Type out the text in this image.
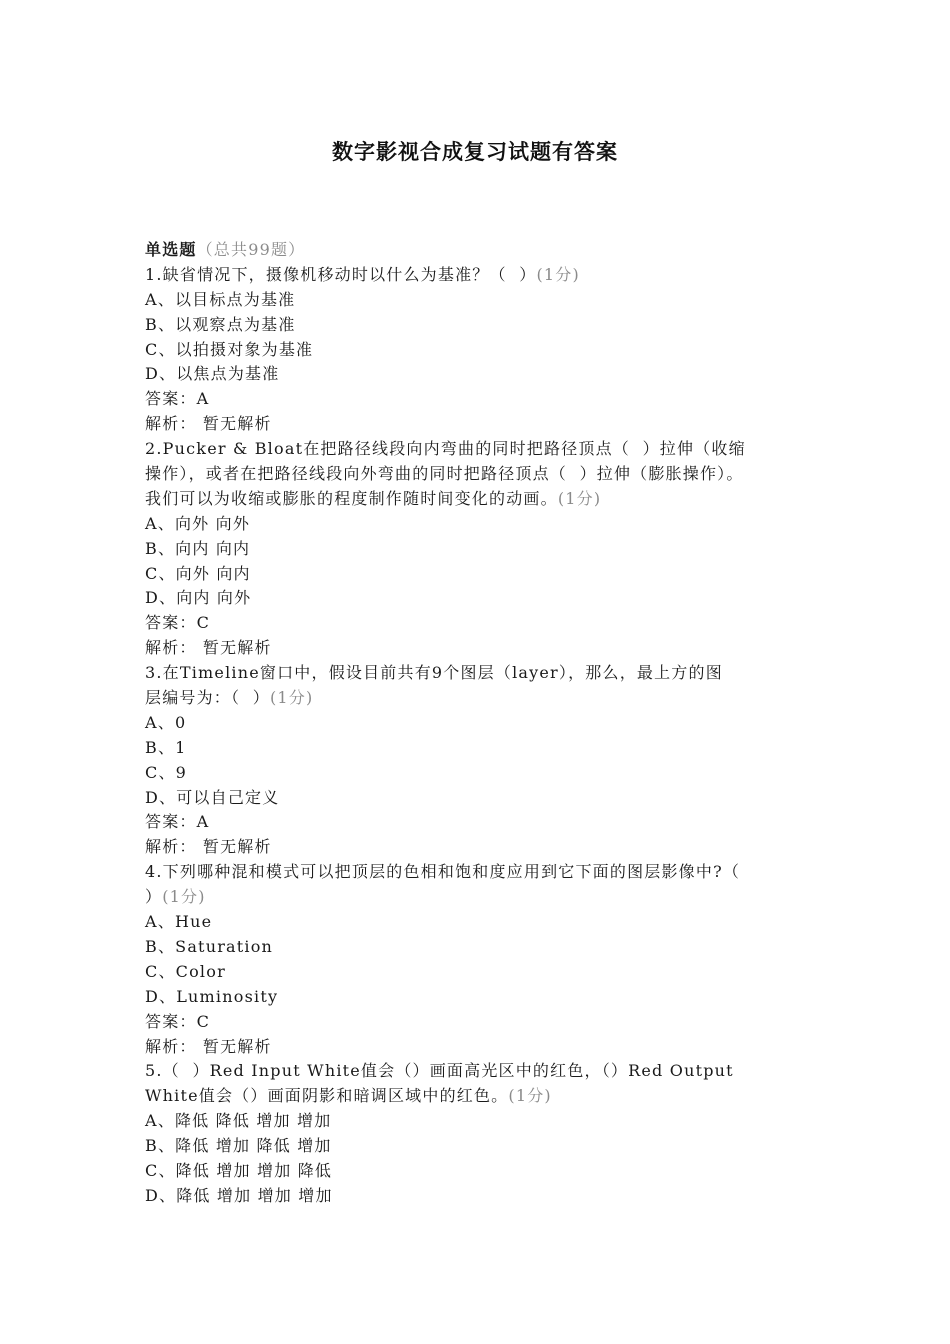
数字影视合成复习试题有答案
单选题（总共99题）
1.缺省情况下，摄像机移动时以什么为基准？（  ）(1分)
A、以目标点为基准
B、以观察点为基准
C、以拍摄对象为基准
D、以焦点为基准
答案：A
解析： 暂无解析
2.Pucker & Bloat在把路径线段向内弯曲的同时把路径顶点（  ）拉伸（收缩
操作），或者在把路径线段向外弯曲的同时把路径顶点（  ）拉伸（膨胀操作）。
我们可以为收缩或膨胀的程度制作随时间变化的动画。(1分)
A、向外 向外
B、向内 向内
C、向外 向内
D、向内 向外
答案：C
解析： 暂无解析
3.在Timeline窗口中，假设目前共有9个图层（layer），那么，最上方的图
层编号为：（  ）(1分)
A、0
B、1
C、9
D、可以自己定义
答案：A
解析： 暂无解析
4.下列哪种混和模式可以把顶层的色相和饱和度应用到它下面的图层影像中?（
）(1分)
A、Hue
B、Saturation
C、Color
D、Luminosity
答案：C
解析： 暂无解析
5.（  ）Red Input White值会（）画面高光区中的红色，（）Red Output
White值会（）画面阴影和暗调区域中的红色。(1分)
A、降低 降低 增加 增加
B、降低 增加 降低 增加
C、降低 增加 增加 降低
D、降低 增加 增加 增加
